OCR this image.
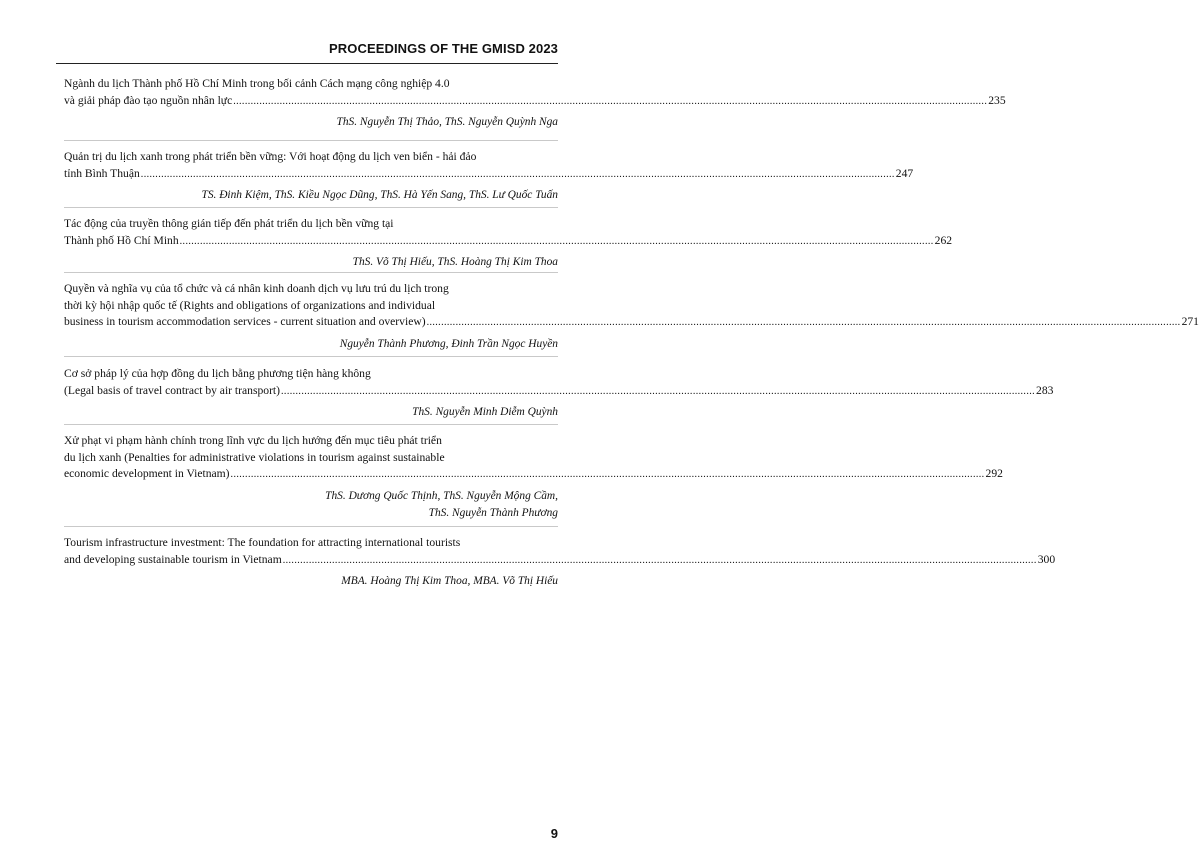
PROCEEDINGS OF THE GMISD 2023
Ngành du lịch Thành phố Hồ Chí Minh trong bối cảnh Cách mạng công nghiệp 4.0
và giải pháp đào tạo nguồn nhân lực .................................................................................................................................................................................................................................................................... 235
ThS. Nguyễn Thị Thảo, ThS. Nguyễn Quỳnh Nga
Quản trị du lịch xanh trong phát triển bền vững: Với hoạt động du lịch ven biển - hải đảo
tỉnh Bình Thuận .................................................................................................................................................................................................................................................................... 247
TS. Đinh Kiệm, ThS. Kiều Ngọc Dũng, ThS. Hà Yến Sang, ThS. Lư Quốc Tuấn
Tác động của truyền thông gián tiếp đến phát triển du lịch bền vững tại
Thành phố Hồ Chí Minh .................................................................................................................................................................................................................................................................... 262
ThS. Võ Thị Hiếu, ThS. Hoàng Thị Kim Thoa
Quyền và nghĩa vụ của tổ chức và cá nhân kinh doanh dịch vụ lưu trú du lịch trong
thời kỳ hội nhập quốc tế (Rights and obligations of organizations and individual
business in tourism accommodation services - current situation and overview) .................................................................................................................................................................................................................................................................... 271
Nguyễn Thành Phương, Đinh Trần Ngọc Huyền
Cơ sở pháp lý của hợp đồng du lịch bằng phương tiện hàng không
(Legal basis of travel contract by air transport) .................................................................................................................................................................................................................................................................... 283
ThS. Nguyễn Minh Diễm Quỳnh
Xử phạt vi phạm hành chính trong lĩnh vực du lịch hướng đến mục tiêu phát triển
du lịch xanh (Penalties for administrative violations in tourism against sustainable
economic development in Vietnam) .................................................................................................................................................................................................................................................................... 292
ThS. Dương Quốc Thịnh, ThS. Nguyễn Mộng Cầm,
ThS. Nguyễn Thành Phương
Tourism infrastructure investment: The foundation for attracting international tourists
and developing sustainable tourism in Vietnam .................................................................................................................................................................................................................................................................... 300
MBA. Hoàng Thị Kim Thoa, MBA. Võ Thị Hiếu
9
